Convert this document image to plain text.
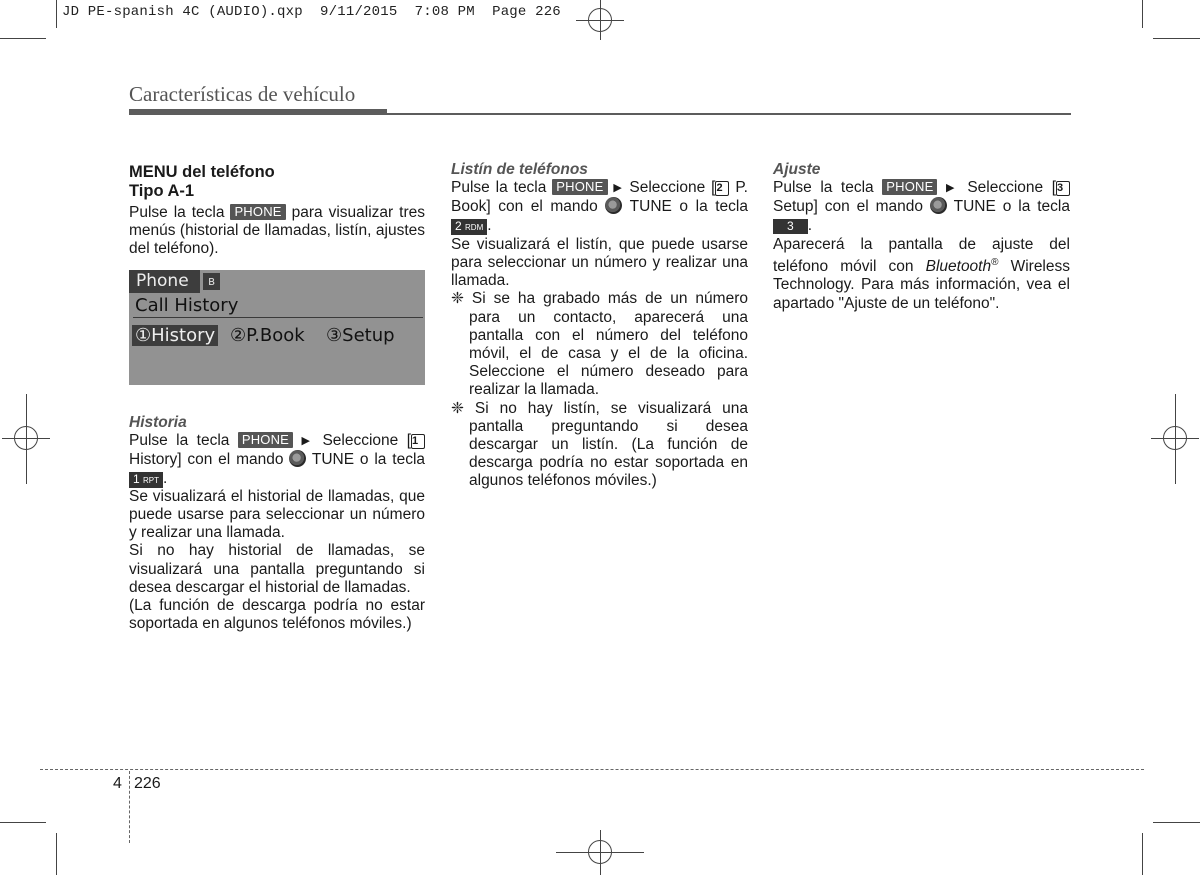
JD PE-spanish 4C (AUDIO).qxp 9/11/2015 7:08 PM Page 226
Características de vehículo

MENU del teléfono

Tipo A-1

Pulse la tecla PHONE para visualizar tres menús (historial de llamadas, listín, ajustes del teléfono).

Phone	ʙ
Call History
①History ②P.Book ③Setup

Historia

Pulse la tecla PHONE ▶ Seleccione [1 History] con el mando TUNE o la tecla 1 RPT .

Se visualizará el historial de llamadas, que puede usarse para seleccionar un número y realizar una llamada.

Si no hay historial de llamadas, se visualizará una pantalla preguntando si desea descargar el historial de llamadas.

(La función de descarga podría no estar soportada en algunos teléfonos móviles.)

Listín de teléfonos

Pulse la tecla PHONE ▶ Seleccione [2 P. Book] con el mando TUNE o la tecla 2 RDM .

Se visualizará el listín, que puede usarse para seleccionar un número y realizar una llamada.

❈ Si se ha grabado más de un número para un contacto, aparecerá una pantalla con el número del teléfono móvil, el de casa y el de la oficina. Seleccione el número deseado para realizar la llamada.

❈ Si no hay listín, se visualizará una pantalla preguntando si desea descargar un listín. (La función de descarga podría no estar soportada en algunos teléfonos móviles.)

Ajuste

Pulse la tecla PHONE ▶ Seleccione [3 Setup] con el mando TUNE o la tecla 3 .

Aparecerá la pantalla de ajuste del teléfono móvil con Bluetooth® Wireless Technology. Para más información, vea el apartado "Ajuste de un teléfono".

4 226
